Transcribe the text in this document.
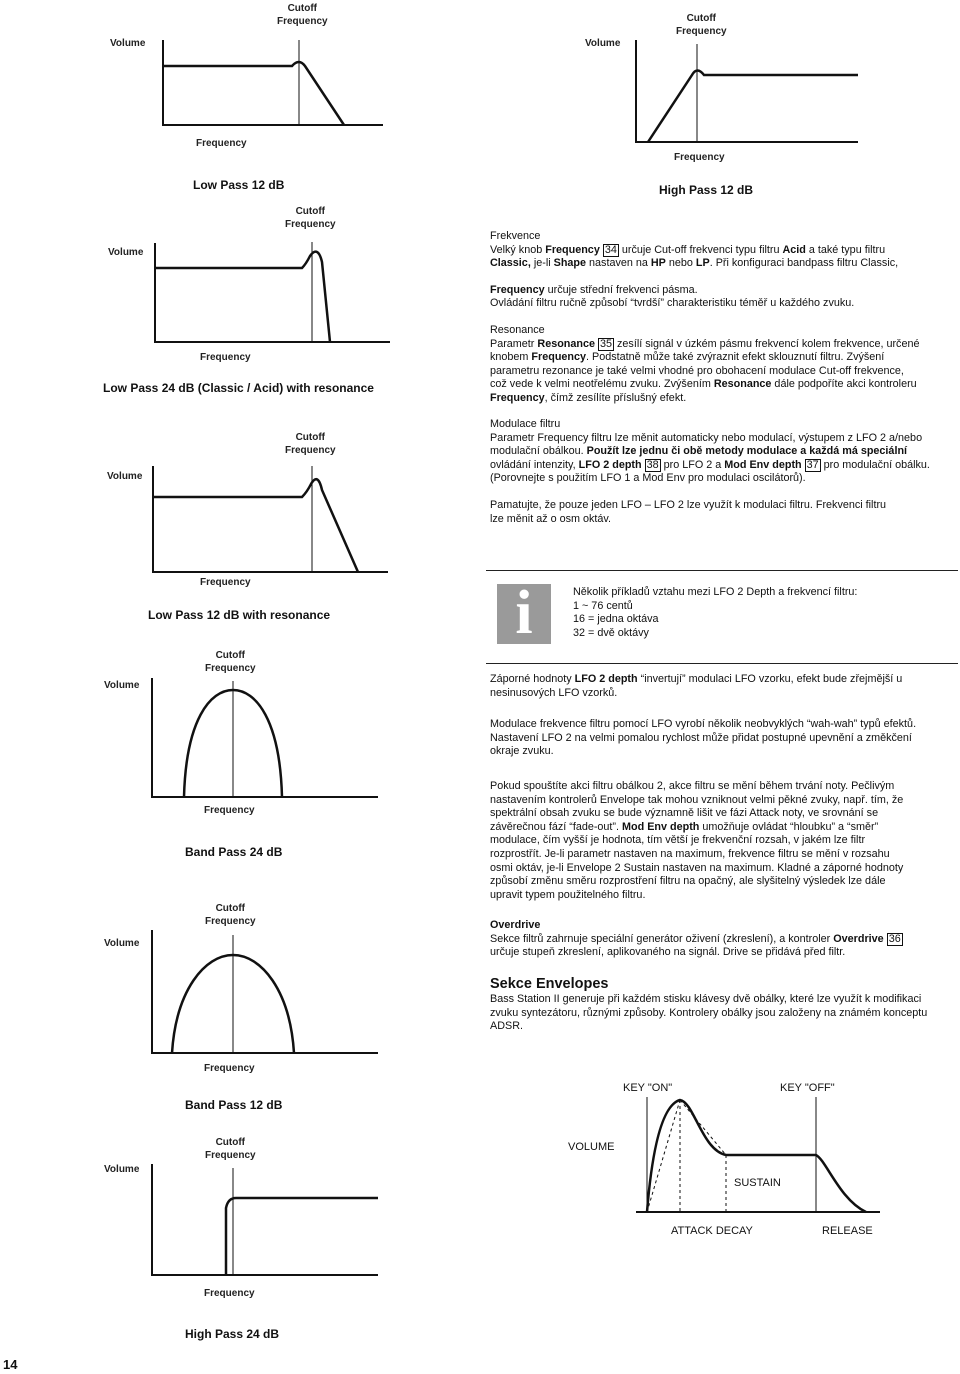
Volume
Cutoff
Frequency
Frequency
Low Pass 12 dB
Volume
Cutoff
Frequency
Frequency
High Pass 12 dB
Volume
Cutoff
Frequency
Frequency
Low Pass 24 dB (Classic / Acid) with resonance
Volume
Cutoff
Frequency
Frequency
Low Pass 12 dB with resonance
Volume
Cutoff
Frequency
Frequency
Band Pass 24 dB
Volume
Cutoff
Frequency
Frequency
Band Pass 12 dB
Volume
Cutoff
Frequency
Frequency
High Pass 24 dB

Frekvence

Velký knob Frequency 34 určuje Cut-off frekvenci typu filtru Acid a také typu filtru

Classic, je-li Shape nastaven na HP nebo LP. Při konfiguraci bandpass filtru Classic,

Frequency určuje střední frekvenci pásma.

Ovládání filtru ručně způsobí “tvrdší” charakteristiku téměř u každého zvuku.

Resonance

Parametr Resonance 35 zesílí signál v úzkém pásmu frekvencí kolem frekvence, určené

knobem Frequency. Podstatně může také zvýraznit efekt sklouznutí filtru. Zvýšení

parametru rezonance je také velmi vhodné pro obohacení modulace Cut-off frekvence,

což vede k velmi neotřelému zvuku. Zvýšením Resonance dále podpoříte akci kontroleru

Frequency, čímž zesílíte příslušný efekt.

Modulace filtru

Parametr Frequency filtru lze měnit automaticky nebo modulací, výstupem z LFO 2 a/nebo

modulační obálkou. Použít lze jednu či obě metody modulace a každá má speciální

ovládání intenzity, LFO 2 depth 38 pro LFO 2 a Mod Env depth 37 pro modulační obálku.

(Porovnejte s použitím LFO 1 a Mod Env pro modulaci oscilátorů).

Pamatujte, že pouze jeden LFO – LFO 2 lze využít k modulaci filtru. Frekvenci filtru

lze měnit až o osm oktáv.

i	Několik příkladů vztahu mezi LFO 2 Depth a frekvencí filtru:

1 ~ 76 centů

16 = jedna oktáva

32 = dvě oktávy

Záporné hodnoty LFO 2 depth “invertují” modulaci LFO vzorku, efekt bude zřejmější u

nesinusových LFO vzorků.

Modulace frekvence filtru pomocí LFO vyrobí několik neobvyklých “wah-wah” typů efektů.

Nastavení LFO 2 na velmi pomalou rychlost může přidat postupné upevnění a změkčení

okraje zvuku.

Pokud spouštíte akci filtru obálkou 2, akce filtru se mění během trvání noty. Pečlivým

nastavením kontrolerů Envelope tak mohou vzniknout velmi pěkné zvuky, např. tím, že

spektrální obsah zvuku se bude významně lišit ve fázi Attack noty, ve srovnání se

závěrečnou fází “fade-out”. Mod Env depth umožňuje ovládat “hloubku” a “směr”

modulace, čím vyšší je hodnota, tím větší je frekvenční rozsah, v jakém lze filtr

rozprostřít. Je-li parametr nastaven na maximum, frekvence filtru se mění v rozsahu

osmi oktáv, je-li Envelope 2 Sustain nastaven na maximum. Kladné a záporné hodnoty

způsobí změnu směru rozprostření filtru na opačný, ale slyšitelný výsledek lze dále

upravit typem použitelného filtru.

Overdrive

Sekce filtrů zahrnuje speciální generátor oživení (zkreslení), a kontroler Overdrive 36

určuje stupeň zkreslení, aplikovaného na signál. Drive se přidává před filtr.

Sekce Envelopes

Bass Station II generuje při každém stisku klávesy dvě obálky, které lze využít k modifikaci

zvuku syntezátoru, různými způsoby. Kontrolery obálky jsou založeny na známém konceptu

ADSR.

KEY "ON"	KEY "OFF"
VOLUME
SUSTAIN
ATTACK DECAY	RELEASE
14
